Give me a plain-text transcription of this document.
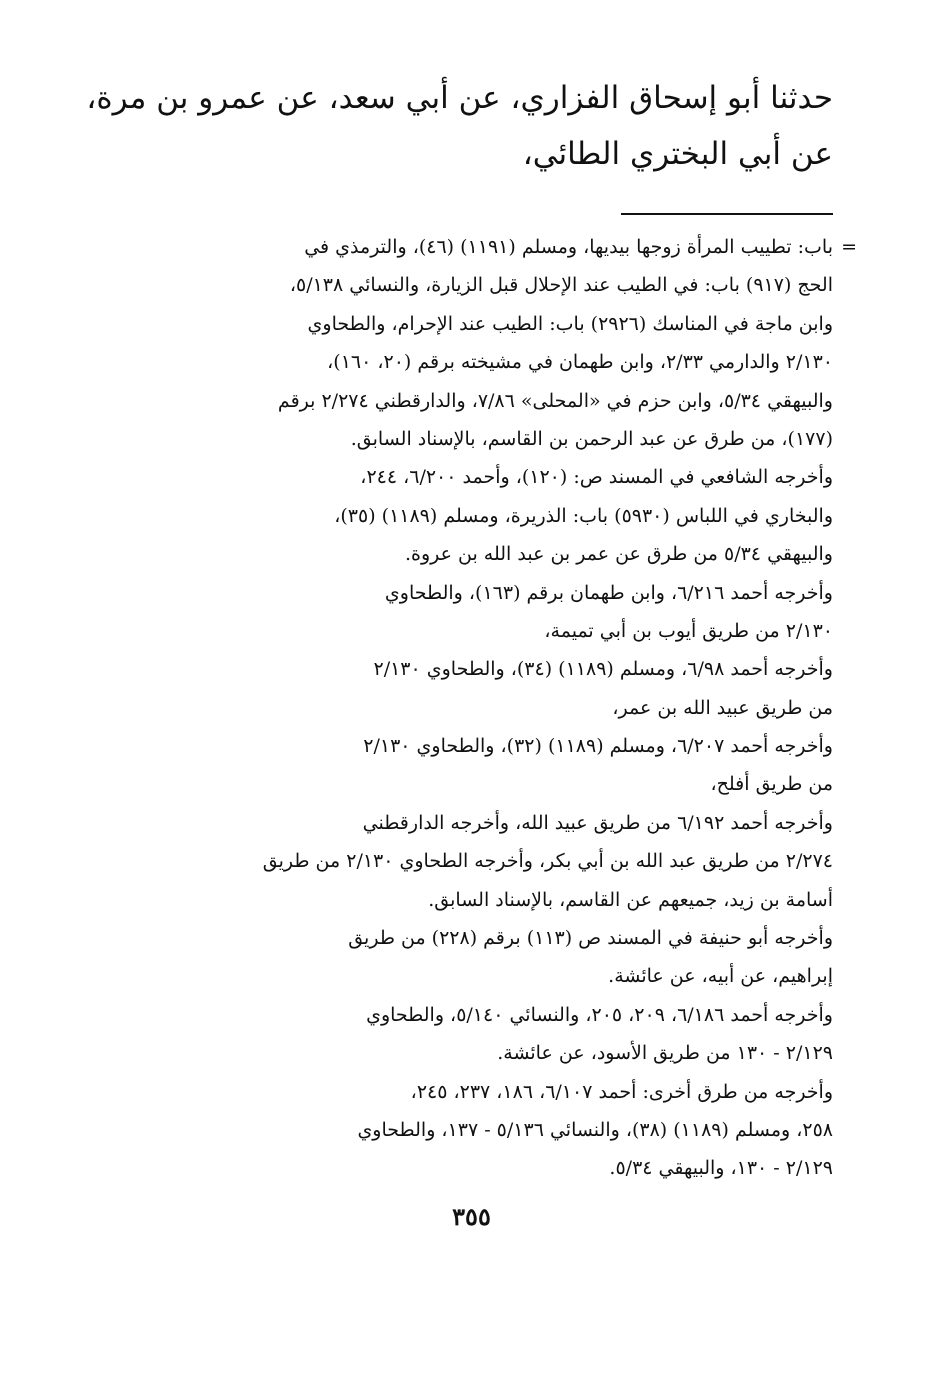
حدثنا أبو إسحاق الفزاري، عن أبي سعد، عن عمرو بن مرة،
عن أبي البختري الطائي،
=
باب: تطييب المرأة زوجها بيديها، ومسلم (١١٩١) (٤٦)، والترمذي في
الحج (٩١٧) باب: في الطيب عند الإحلال قبل الزيارة، والنسائي ٥/١٣٨،
وابن ماجة في المناسك (٢٩٢٦) باب: الطيب عند الإحرام، والطحاوي
٢/١٣٠ والدارمي ٢/٣٣، وابن طهمان في مشيخته برقم (٢٠، ١٦٠)،
والبيهقي ٥/٣٤، وابن حزم في «المحلى» ٧/٨٦، والدارقطني ٢/٢٧٤ برقم
(١٧٧)، من طرق عن عبد الرحمن بن القاسم، بالإسناد السابق.
وأخرجه الشافعي في المسند ص: (١٢٠)، وأحمد ٦/٢٠٠، ٢٤٤،
والبخاري في اللباس (٥٩٣٠) باب: الذريرة، ومسلم (١١٨٩) (٣٥)،
والبيهقي ٥/٣٤ من طرق عن عمر بن عبد الله بن عروة.
وأخرجه أحمد ٦/٢١٦، وابن طهمان برقم (١٦٣)، والطحاوي
٢/١٣٠ من طريق أيوب بن أبي تميمة،
وأخرجه أحمد ٦/٩٨، ومسلم (١١٨٩) (٣٤)، والطحاوي ٢/١٣٠
من طريق عبيد الله بن عمر،
وأخرجه أحمد ٦/٢٠٧، ومسلم (١١٨٩) (٣٢)، والطحاوي ٢/١٣٠
من طريق أفلح،
وأخرجه أحمد ٦/١٩٢ من طريق عبيد الله، وأخرجه الدارقطني
٢/٢٧٤ من طريق عبد الله بن أبي بكر، وأخرجه الطحاوي ٢/١٣٠ من طريق
أسامة بن زيد، جميعهم عن القاسم، بالإسناد السابق.
وأخرجه أبو حنيفة في المسند ص (١١٣) برقم (٢٢٨) من طريق
إبراهيم، عن أبيه، عن عائشة.
وأخرجه أحمد ٦/١٨٦، ٢٠٩، ٢٠٥، والنسائي ٥/١٤٠، والطحاوي
٢/١٢٩ - ١٣٠ من طريق الأسود، عن عائشة.
وأخرجه من طرق أخرى: أحمد ٦/١٠٧، ١٨٦، ٢٣٧، ٢٤٥،
٢٥٨، ومسلم (١١٨٩) (٣٨)، والنسائي ٥/١٣٦ - ١٣٧، والطحاوي
٢/١٢٩ - ١٣٠، والبيهقي ٥/٣٤.
٣٥٥
